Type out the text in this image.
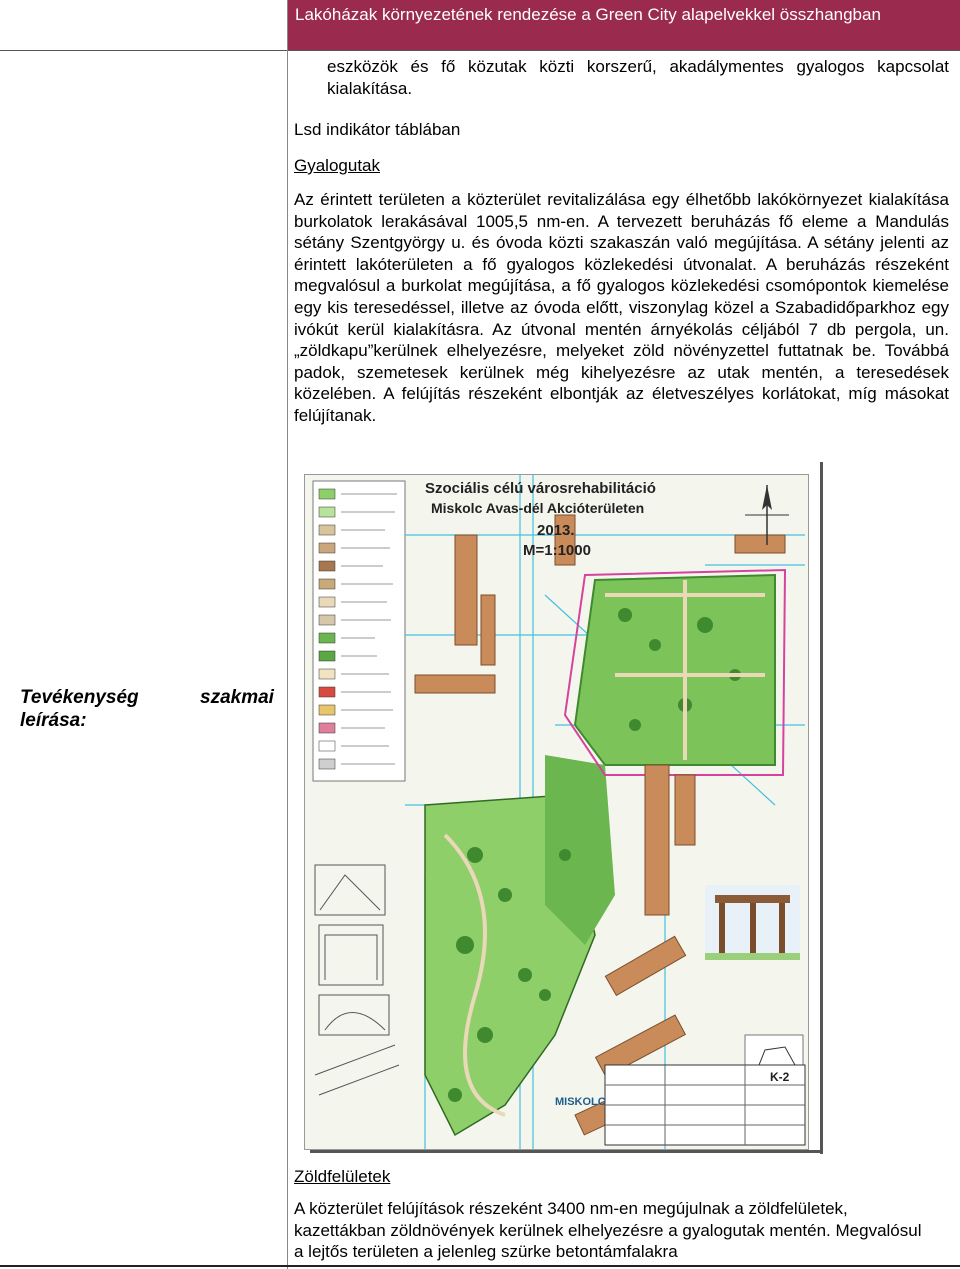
Lakóházak környezetének rendezése a Green City alapelvekkel összhangban
Tevékenység	szakmai

leírása:
eszközök és fő közutak közti korszerű, akadálymentes gyalogos kapcsolat kialakítása.
Lsd indikátor táblában
Gyalogutak
Az érintett területen a közterület revitalizálása egy élhetőbb lakókörnyezet kialakítása burkolatok lerakásával 1005,5 nm-en. A tervezett beruházás fő eleme a Mandulás sétány Szentgyörgy u. és óvoda közti szakaszán való megújítása. A sétány jelenti az érintett lakóterületen a fő gyalogos közlekedési útvonalat. A beruházás részeként megvalósul a burkolat megújítása, a fő gyalogos közlekedési csomópontok kiemelése egy kis teresedéssel, illetve az óvoda előtt, viszonylag közel a Szabadidőparkhoz egy ivókút kerül kialakításra. Az útvonal mentén árnyékolás céljából 7 db pergola, un. „zöldkapu”kerülnek elhelyezésre, melyeket zöld növényzettel futtatnak be. Továbbá padok, szemetesek kerülnek még kihelyezésre az utak mentén, a teresedések közelében. A felújítás részeként elbontják az életveszélyes korlátokat, míg másokat felújítanak.
Szociális célú városrehabilitáció
Miskolc Avas-dél Akcióterületen
2013.
M=1:1000
K-2
MISKOLC
Zöldfelületek
A közterület felújítások részeként 3400 nm-en megújulnak a zöldfelületek, kazettákban zöldnövények kerülnek elhelyezésre a gyalogutak mentén. Megvalósul a lejtős területen a jelenleg szürke betontámfalakra
